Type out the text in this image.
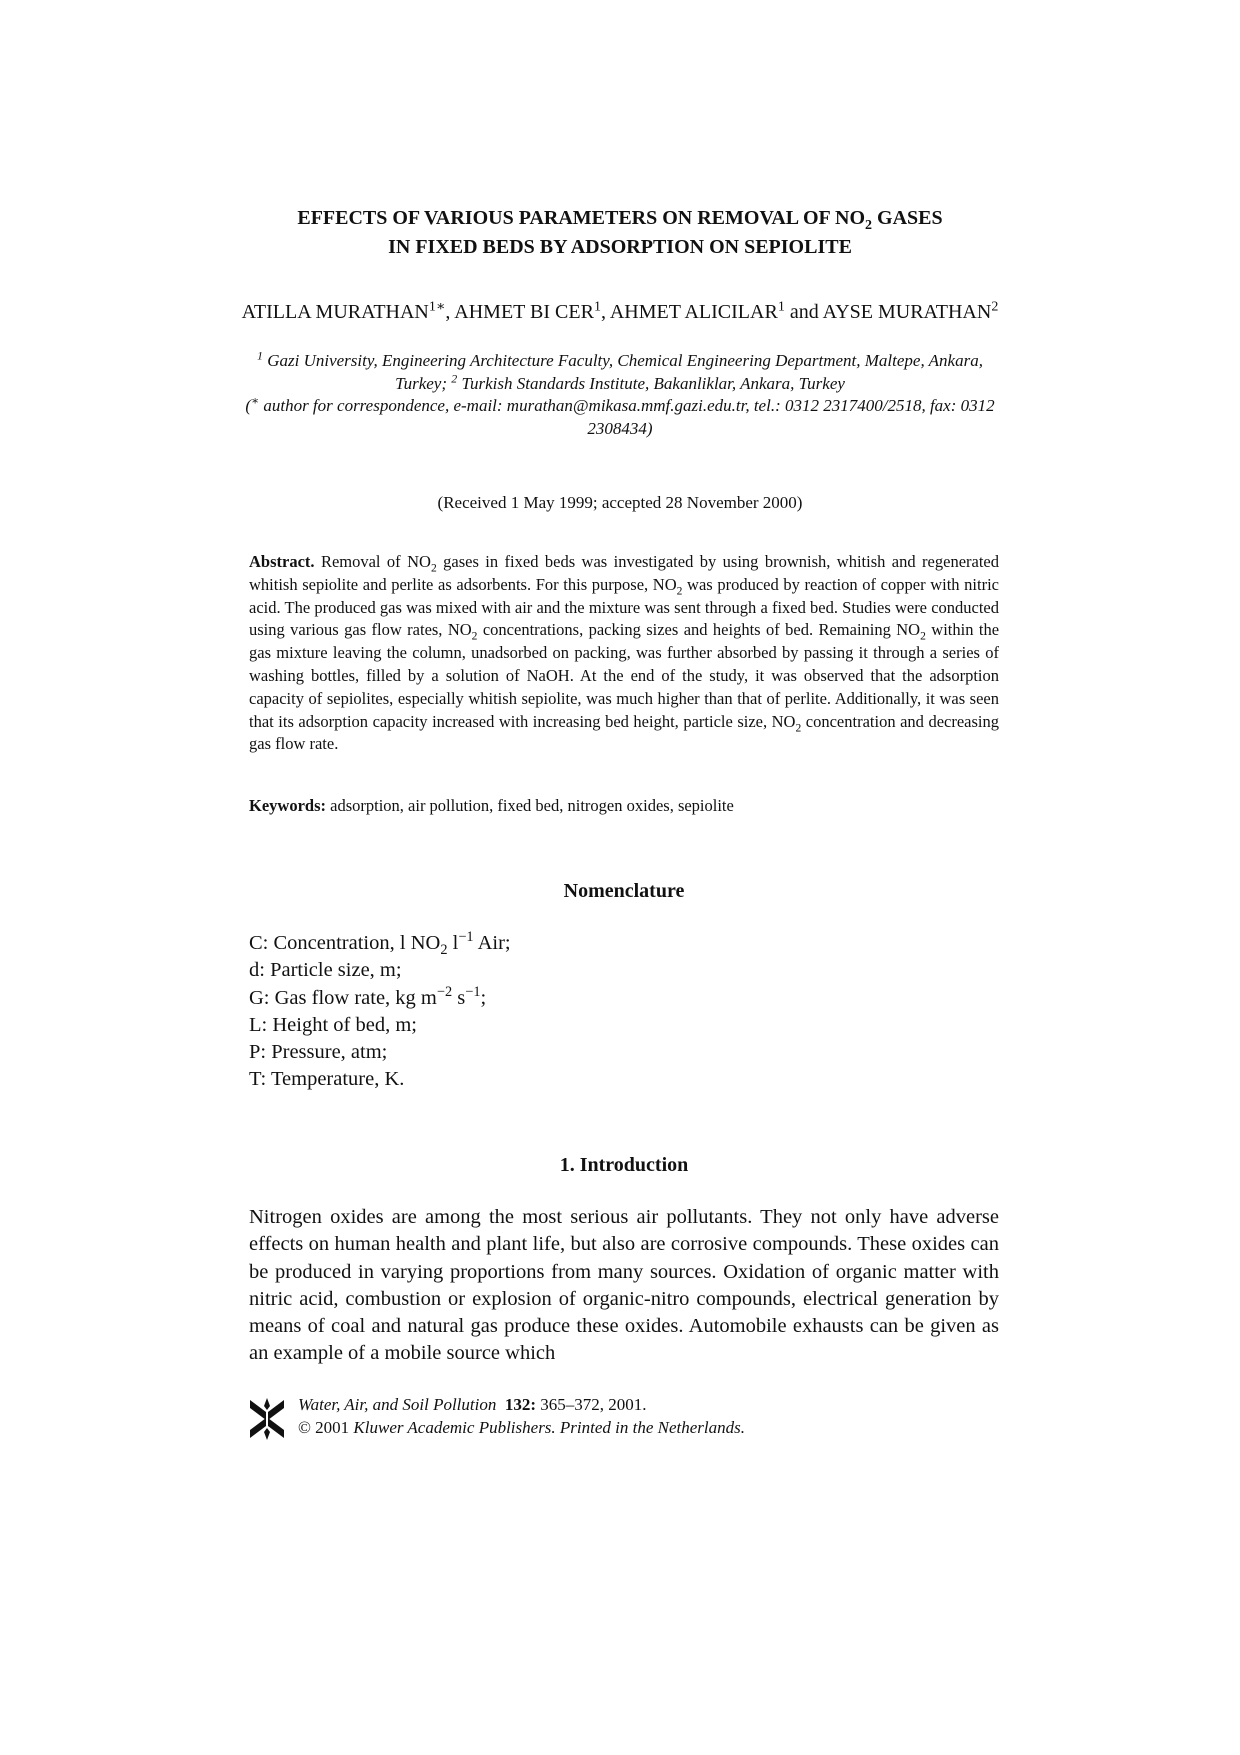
EFFECTS OF VARIOUS PARAMETERS ON REMOVAL OF $NO_2$ GASES
IN FIXED BEDS BY ADSORPTION ON SEPIOLITE
ATILLA $MURATHAN^{1∗}$, AHMET BI CER$^1$, AHMET ALICILAR$^1$ and AYSE MURATHAN$^2$
$^1$ Gazi University, Engineering Architecture Faculty, Chemical Engineering Department, Maltepe, Ankara, Turkey; $^2$ Turkish Standards Institute, Bakanliklar, Ankara, Turkey
(∗ author for correspondence, e-mail: murathan@mikasa.mmf.gazi.edu.tr, tel.: 0312 2317400/2518, fax: 0312 2308434)
(Received 1 May 1999; accepted 28 November 2000)
Abstract. Removal of $NO_2$ gases in fixed beds was investigated by using brownish, whitish and regenerated whitish sepiolite and perlite as adsorbents. For this purpose, $NO_2$ was produced by reaction of copper with nitric acid. The produced gas was mixed with air and the mixture was sent through a fixed bed. Studies were conducted using various gas flow rates, $NO_2$ concentrations, packing sizes and heights of bed. Remaining $NO_2$ within the gas mixture leaving the column, unadsorbed on packing, was further absorbed by passing it through a series of washing bottles, filled by a solution of NaOH. At the end of the study, it was observed that the adsorption capacity of sepiolites, especially whitish sepiolite, was much higher than that of perlite. Additionally, it was seen that its adsorption capacity increased with increasing bed height, particle size, $NO_2$ concentration and decreasing gas flow rate.
Keywords: adsorption, air pollution, fixed bed, nitrogen oxides, sepiolite
Nomenclature
C: Concentration, l $NO_2$ $l^{-1}$ Air;
d: Particle size, m;
G: Gas flow rate, kg $m^{-2}$ $s^{-1}$;
L: Height of bed, m;
P: Pressure, atm;
T: Temperature, K.
1. Introduction
Nitrogen oxides are among the most serious air pollutants. They not only have adverse effects on human health and plant life, but also are corrosive compounds. These oxides can be produced in varying proportions from many sources. Oxidation of organic matter with nitric acid, combustion or explosion of organic-nitro compounds, electrical generation by means of coal and natural gas produce these oxides. Automobile exhausts can be given as an example of a mobile source which
Water, Air, and Soil Pollution 132: 365–372, 2001.
© 2001 Kluwer Academic Publishers. Printed in the Netherlands.
